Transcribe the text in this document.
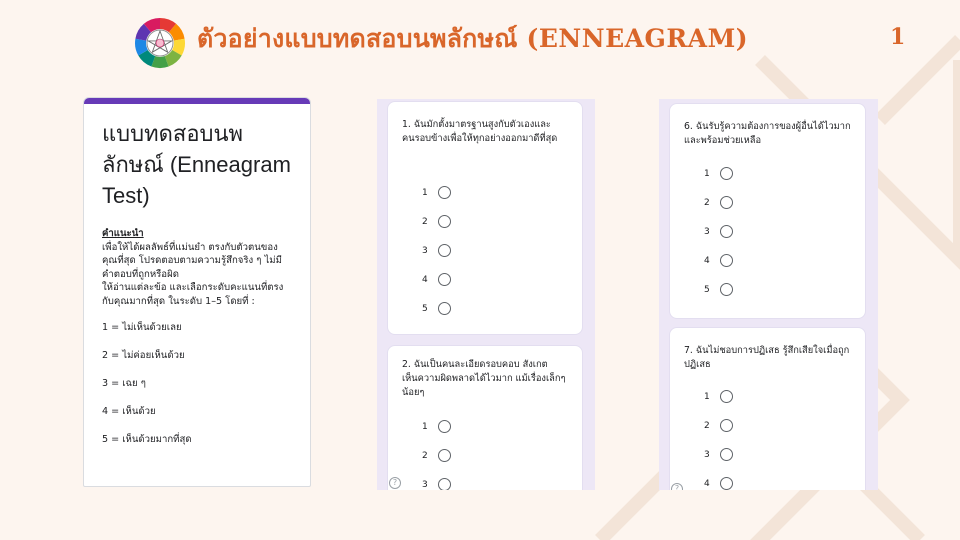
ตัวอย่างแบบทดสอบนพลักษณ์ (ENNEAGRAM)	1
แบบทดสอบนพ
ลักษณ์ (Enneagram
Test)
คำแนะนำ

เพื่อให้ได้ผลลัพธ์ที่แม่นยำ ตรงกับตัวตนของ

คุณที่สุด โปรดตอบตามความรู้สึกจริง ๆ ไม่มี

คำตอบที่ถูกหรือผิด

ให้อ่านแต่ละข้อ และเลือกระดับคะแนนที่ตรง

กับคุณมากที่สุด ในระดับ 1–5 โดยที่ :

1 = ไม่เห็นด้วยเลย
2 = ไม่ค่อยเห็นด้วย
3 = เฉย ๆ
4 = เห็นด้วย
5 = เห็นด้วยมากที่สุด
1. ฉันมักตั้งมาตรฐานสูงกับตัวเองและ
คนรอบข้างเพื่อให้ทุกอย่างออกมาดีที่สุด
1
2
3
4
5
2. ฉันเป็นคนละเอียดรอบคอบ สังเกต
เห็นความผิดพลาดได้ไวมาก แม้เรื่องเล็กๆ
น้อยๆ
1
2
3
?
6. ฉันรับรู้ความต้องการของผู้อื่นได้ไวมาก
และพร้อมช่วยเหลือ
1
2
3
4
5
7. ฉันไม่ชอบการปฏิเสธ รู้สึกเสียใจเมื่อถูก
ปฏิเสธ
1
2
3
4
?
